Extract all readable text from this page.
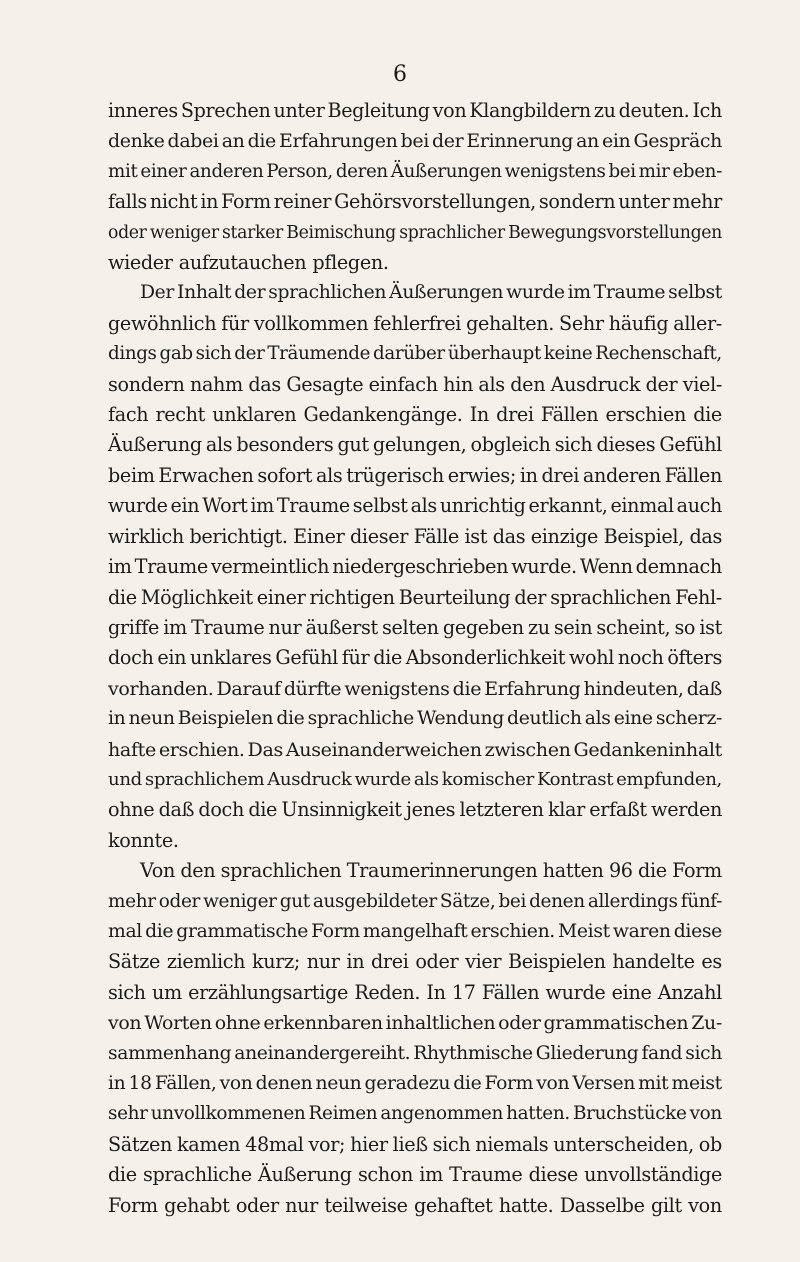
6
inneres Sprechen unter Begleitung von Klangbildern zu deuten. Ich
denke dabei an die Erfahrungen bei der Erinnerung an ein Gespräch
mit einer anderen Person, deren Äußerungen wenigstens bei mir eben-
falls nicht in Form reiner Gehörsvorstellungen, sondern unter mehr
oder weniger starker Beimischung sprachlicher Bewegungsvorstellungen
wieder aufzutauchen pflegen.
Der Inhalt der sprachlichen Äußerungen wurde im Traume selbst
gewöhnlich für vollkommen fehlerfrei gehalten. Sehr häufig aller-
dings gab sich der Träumende darüber überhaupt keine Rechenschaft,
sondern nahm das Gesagte einfach hin als den Ausdruck der viel-
fach recht unklaren Gedankengänge. In drei Fällen erschien die
Äußerung als besonders gut gelungen, obgleich sich dieses Gefühl
beim Erwachen sofort als trügerisch erwies; in drei anderen Fällen
wurde ein Wort im Traume selbst als unrichtig erkannt, einmal auch
wirklich berichtigt. Einer dieser Fälle ist das einzige Beispiel, das
im Traume vermeintlich niedergeschrieben wurde. Wenn demnach
die Möglichkeit einer richtigen Beurteilung der sprachlichen Fehl-
griffe im Traume nur äußerst selten gegeben zu sein scheint, so ist
doch ein unklares Gefühl für die Absonderlichkeit wohl noch öfters
vorhanden. Darauf dürfte wenigstens die Erfahrung hindeuten, daß
in neun Beispielen die sprachliche Wendung deutlich als eine scherz-
hafte erschien. Das Auseinanderweichen zwischen Gedankeninhalt
und sprachlichem Ausdruck wurde als komischer Kontrast empfunden,
ohne daß doch die Unsinnigkeit jenes letzteren klar erfaßt werden
konnte.
Von den sprachlichen Traumerinnerungen hatten 96 die Form
mehr oder weniger gut ausgebildeter Sätze, bei denen allerdings fünf-
mal die grammatische Form mangelhaft erschien. Meist waren diese
Sätze ziemlich kurz; nur in drei oder vier Beispielen handelte es
sich um erzählungsartige Reden. In 17 Fällen wurde eine Anzahl
von Worten ohne erkennbaren inhaltlichen oder grammatischen Zu-
sammenhang aneinandergereiht. Rhythmische Gliederung fand sich
in 18 Fällen, von denen neun geradezu die Form von Versen mit meist
sehr unvollkommenen Reimen angenommen hatten. Bruchstücke von
Sätzen kamen 48mal vor; hier ließ sich niemals unterscheiden, ob
die sprachliche Äußerung schon im Traume diese unvollständige
Form gehabt oder nur teilweise gehaftet hatte. Dasselbe gilt von
